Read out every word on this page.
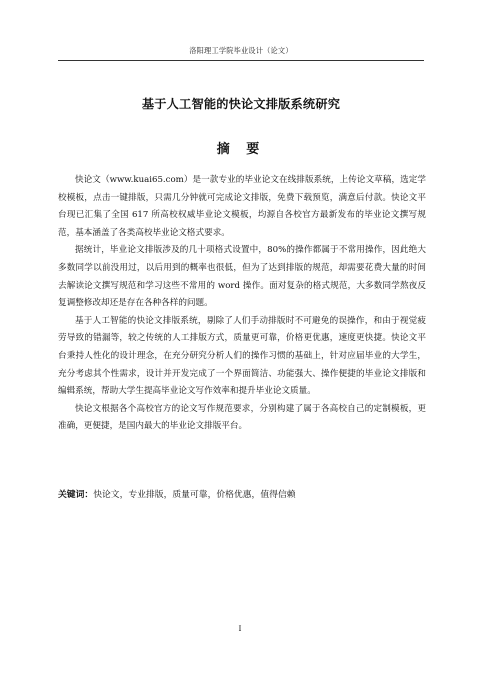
洛阳理工学院毕业设计（论文）
基于人工智能的快论文排版系统研究
摘 要

快论文（www.kuai65.com）是一款专业的毕业论文在线排版系统，上传论文草稿，选定学校模板，点击一键排版，只需几分钟就可完成论文排版，免费下载预览，满意后付款。快论文平台现已汇集了全国 617 所高校权威毕业论文模板，均源自各校官方最新发布的毕业论文撰写规范，基本涵盖了各类高校毕业论文格式要求。

据统计，毕业论文排版涉及的几十项格式设置中，80%的操作都属于不常用操作，因此绝大多数同学以前没用过，以后用到的概率也很低，但为了达到排版的规范，却需要花费大量的时间去解读论文撰写规范和学习这些不常用的 word 操作。面对复杂的格式规范，大多数同学熬夜反复调整修改却还是存在各种各样的问题。

基于人工智能的快论文排版系统，剔除了人们手动排版时不可避免的误操作，和由于视觉疲劳导致的错漏等，较之传统的人工排版方式，质量更可靠，价格更优惠，速度更快捷。快论文平台秉持人性化的设计理念，在充分研究分析人们的操作习惯的基础上，针对应届毕业的大学生，充分考虑其个性需求，设计并开发完成了一个界面简洁、功能强大、操作便捷的毕业论文排版和编辑系统，帮助大学生提高毕业论文写作效率和提升毕业论文质量。

快论文根据各个高校官方的论文写作规范要求，分别构建了属于各高校自己的定制模板，更准确，更便捷，是国内最大的毕业论文排版平台。

关键词：快论文，专业排版，质量可靠，价格优惠，值得信赖
I
